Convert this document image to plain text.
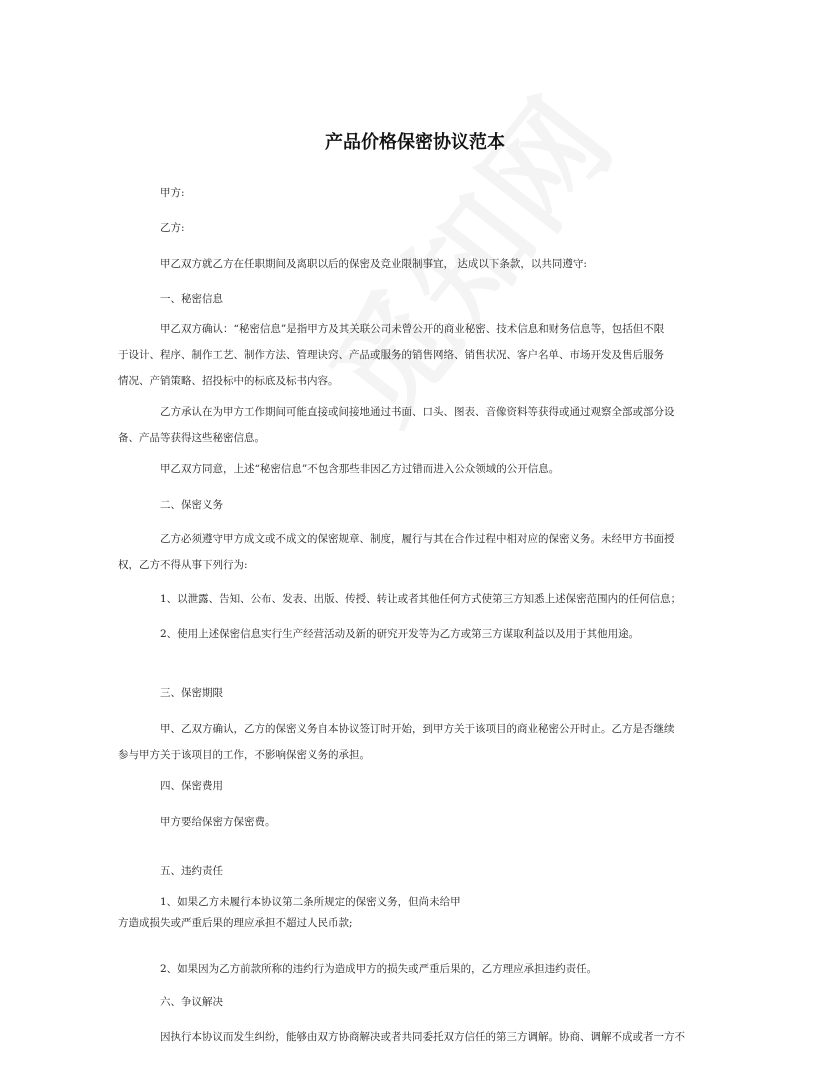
产品价格保密协议范本
甲方:
乙方:
甲乙双方就乙方在任职期间及离职以后的保密及竞业限制事宜， 达成以下条款，以共同遵守:
一、秘密信息
甲乙双方确认：“秘密信息”是指甲方及其关联公司未曾公开的商业秘密、技术信息和财务信息等，包括但不限
于设计、程序、制作工艺、制作方法、管理诀窍、产品或服务的销售网络、销售状况、客户名单、市场开发及售后服务
情况、产销策略、招投标中的标底及标书内容。
乙方承认在为甲方工作期间可能直接或间接地通过书面、口头、图表、音像资料等获得或通过观察全部或部分设
备、产品等获得这些秘密信息。
甲乙双方同意，上述“秘密信息”不包含那些非因乙方过错而进入公众领域的公开信息。
二、保密义务
乙方必须遵守甲方成文或不成文的保密规章、制度，履行与其在合作过程中相对应的保密义务。未经甲方书面授
权，乙方不得从事下列行为:
1、以泄露、告知、公布、发表、出版、传授、转让或者其他任何方式使第三方知悉上述保密范围内的任何信息；
2、使用上述保密信息实行生产经营活动及新的研究开发等为乙方或第三方谋取利益以及用于其他用途。
三、保密期限
甲、乙双方确认，乙方的保密义务自本协议签订时开始，到甲方关于该项目的商业秘密公开时止。乙方是否继续
参与甲方关于该项目的工作，不影响保密义务的承担。
四、保密费用
甲方要给保密方保密费。
五、违约责任
1、如果乙方未履行本协议第二条所规定的保密义务，但尚未给甲
方造成损失或严重后果的理应承担不超过人民币款;
2、如果因为乙方前款所称的违约行为造成甲方的损失或严重后果的，乙方理应承担违约责任。
六、争议解决
因执行本协议而发生纠纷，能够由双方协商解决或者共同委托双方信任的第三方调解。协商、调解不成或者一方不
